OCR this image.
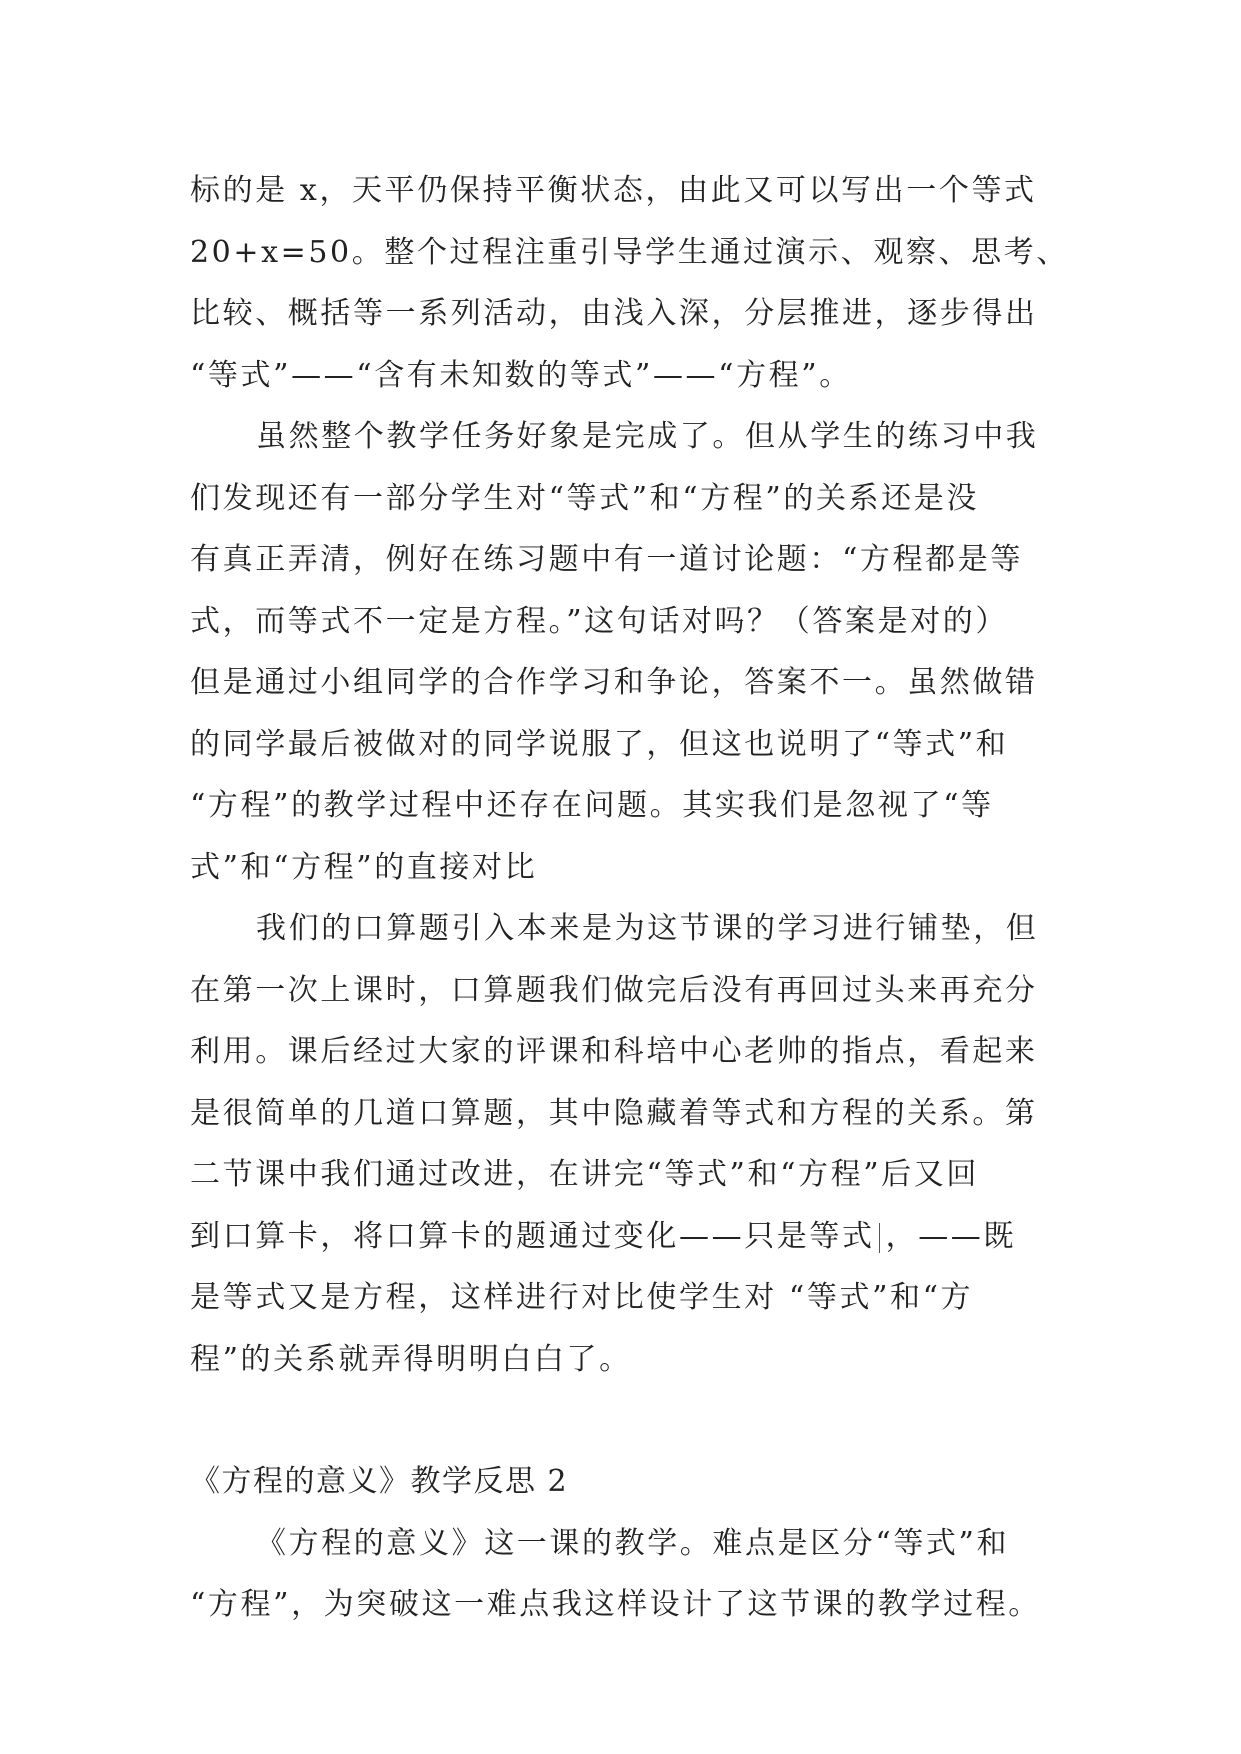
标的是 x，天平仍保持平衡状态，由此又可以写出一个等式
20+x=50。整个过程注重引导学生通过演示、观察、思考、
比较、概括等一系列活动，由浅入深，分层推进，逐步得出
“等式”——“含有未知数的等式”——“方程”。
虽然整个教学任务好象是完成了。但从学生的练习中我
们发现还有一部分学生对“等式”和“方程”的关系还是没
有真正弄清，例好在练习题中有一道讨论题：“方程都是等
式，而等式不一定是方程。”这句话对吗？（答案是对的）
但是通过小组同学的合作学习和争论，答案不一。虽然做错
的同学最后被做对的同学说服了，但这也说明了“等式”和
“方程”的教学过程中还存在问题。其实我们是忽视了“等
式”和“方程”的直接对比
我们的口算题引入本来是为这节课的学习进行铺垫，但
在第一次上课时，口算题我们做完后没有再回过头来再充分
利用。课后经过大家的评课和科培中心老帅的指点，看起来
是很简单的几道口算题，其中隐藏着等式和方程的关系。第
二节课中我们通过改进，在讲完“等式”和“方程”后又回
到口算卡，将口算卡的题通过变化——只是等式 ，——既
是等式又是方程，这样进行对比使学生对 “等式”和“方
程”的关系就弄得明明白白了。
《方程的意义》教学反思 2
《方程的意义》这一课的教学。难点是区分“等式”和
“方程”，为突破这一难点我这样设计了这节课的教学过程。
